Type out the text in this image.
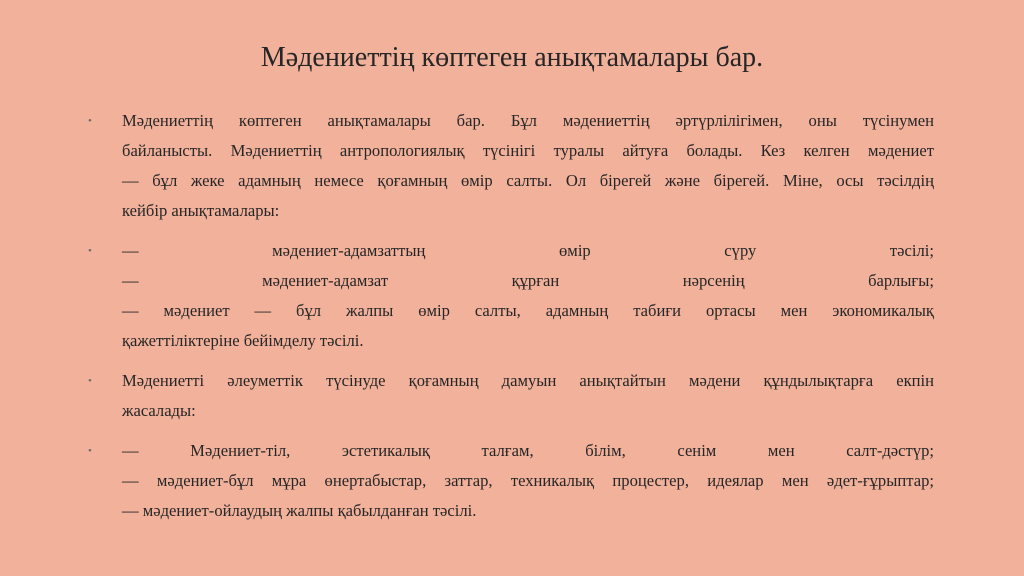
Мәдениеттің көптеген анықтамалары бар.
• Мәдениеттің көптеген анықтамалары бар. Бұл мәдениеттің әртүрлілігімен, оны түсінумен
байланысты. Мәдениеттің антропологиялық түсінігі туралы айтуға болады. Кез келген мәдениет
— бұл жеке адамның немесе қоғамның өмір салты. Ол бірегей және бірегей. Міне, осы тәсілдің
кейбір анықтамалары:
• — мәдениет-адамзаттың өмір сүру тәсілі;
— мәдениет-адамзат құрған нәрсенің барлығы;
— мәдениет — бұл жалпы өмір салты, адамның табиғи ортасы мен экономикалық
қажеттіліктеріне бейімделу тәсілі.
• Мәдениетті әлеуметтік түсінуде қоғамның дамуын анықтайтын мәдени құндылықтарға екпін
жасалады:
• — Мәдениет-тіл, эстетикалық талғам, білім, сенім мен салт-дәстүр;
— мәдениет-бұл мұра өнертабыстар, заттар, техникалық процестер, идеялар мен әдет-ғұрыптар;
— мәдениет-ойлаудың жалпы қабылданған тәсілі.
